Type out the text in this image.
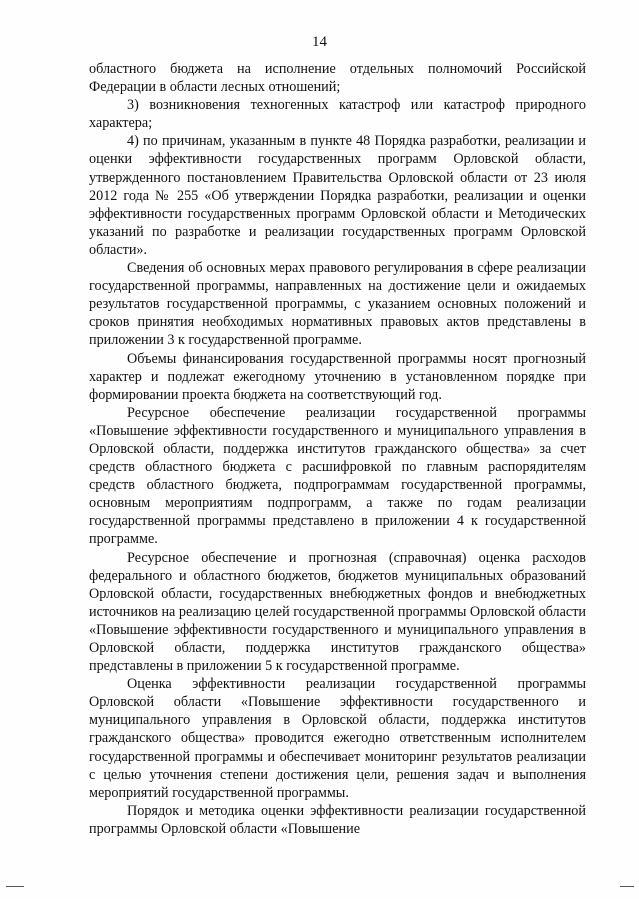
14

областного бюджета на исполнение отдельных полномочий Российской Федерации в области лесных отношений;

3) возникновения техногенных катастроф или катастроф природного характера;

4) по причинам, указанным в пункте 48 Порядка разработки, реализации и оценки эффективности государственных программ Орловской области, утвержденного постановлением Правительства Орловской области от 23 июля 2012 года № 255 «Об утверждении Порядка разработки, реализации и оценки эффективности государственных программ Орловской области и Методических указаний по разработке и реализации государственных программ Орловской области».

Сведения об основных мерах правового регулирования в сфере реализации государственной программы, направленных на достижение цели и ожидаемых результатов государственной программы, с указанием основных положений и сроков принятия необходимых нормативных правовых актов представлены в приложении 3 к государственной программе.

Объемы финансирования государственной программы носят прогнозный характер и подлежат ежегодному уточнению в установленном порядке при формировании проекта бюджета на соответствующий год.

Ресурсное обеспечение реализации государственной программы «Повышение эффективности государственного и муниципального управления в Орловской области, поддержка институтов гражданского общества» за счет средств областного бюджета с расшифровкой по главным распорядителям средств областного бюджета, подпрограммам государственной программы, основным мероприятиям подпрограмм, а также по годам реализации государственной программы представлено в приложении 4 к государственной программе.

Ресурсное обеспечение и прогнозная (справочная) оценка расходов федерального и областного бюджетов, бюджетов муниципальных образований Орловской области, государственных внебюджетных фондов и внебюджетных источников на реализацию целей государственной программы Орловской области «Повышение эффективности государственного и муниципального управления в Орловской области, поддержка институтов гражданского общества» представлены в приложении 5 к государственной программе.

Оценка эффективности реализации государственной программы Орловской области «Повышение эффективности государственного и муниципального управления в Орловской области, поддержка институтов гражданского общества» проводится ежегодно ответственным исполнителем государственной программы и обеспечивает мониторинг результатов реализации с целью уточнения степени достижения цели, решения задач и выполнения мероприятий государственной программы.

Порядок и методика оценки эффективности реализации государственной программы Орловской области «Повышение
